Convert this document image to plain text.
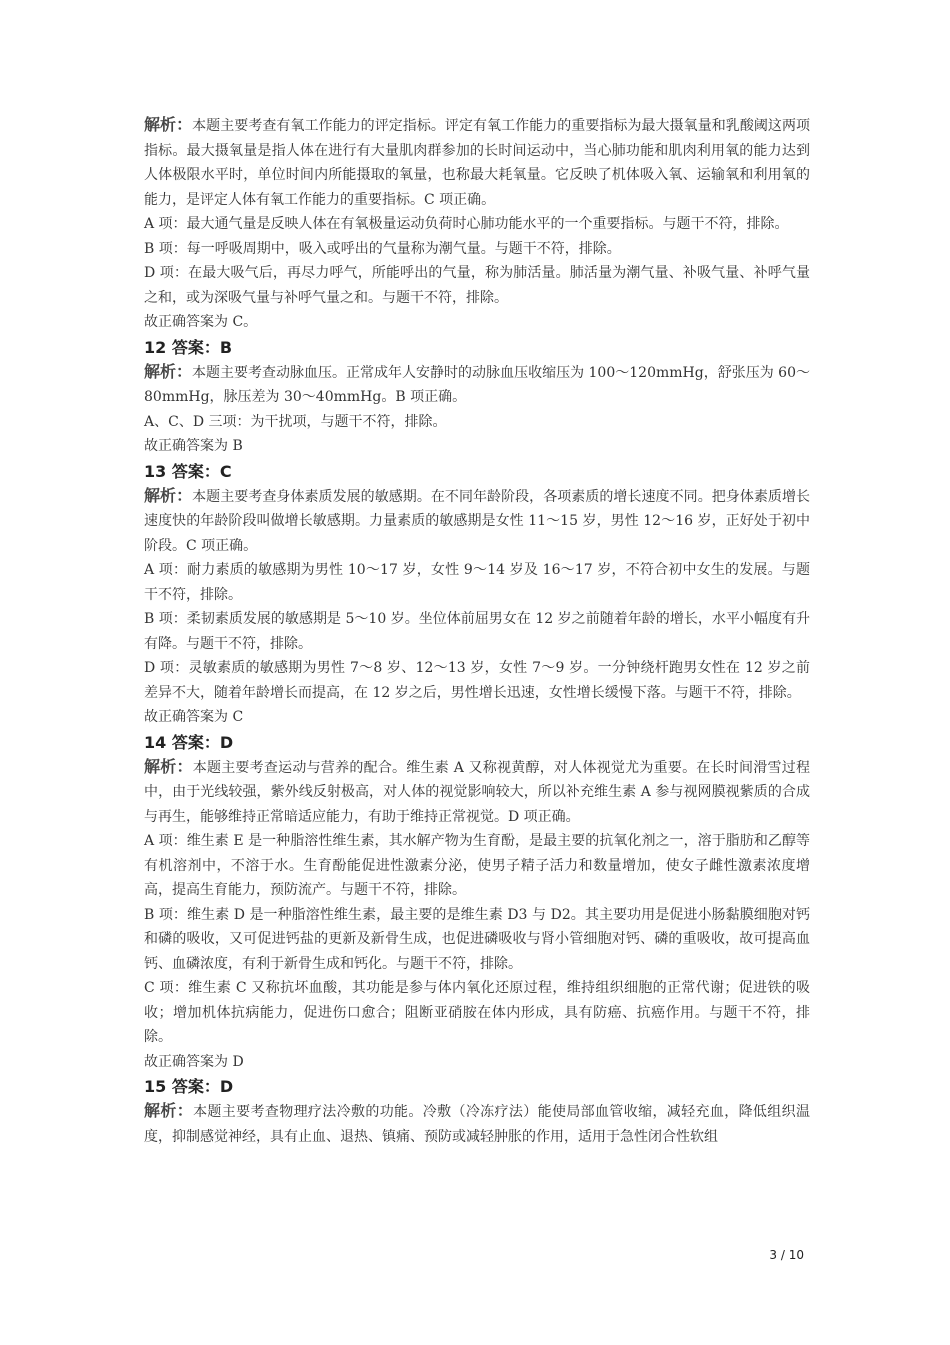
解析：本题主要考查有氧工作能力的评定指标。评定有氧工作能力的重要指标为最大摄氧量和乳酸阈这两项指标。最大摄氧量是指人体在进行有大量肌肉群参加的长时间运动中，当心肺功能和肌肉利用氧的能力达到人体极限水平时，单位时间内所能摄取的氧量，也称最大耗氧量。它反映了机体吸入氧、运输氧和利用氧的能力，是评定人体有氧工作能力的重要指标。C 项正确。

A 项：最大通气量是反映人体在有氧极量运动负荷时心肺功能水平的一个重要指标。与题干不符，排除。

B 项：每一呼吸周期中，吸入或呼出的气量称为潮气量。与题干不符，排除。

D 项：在最大吸气后，再尽力呼气，所能呼出的气量，称为肺活量。肺活量为潮气量、补吸气量、补呼气量之和，或为深吸气量与补呼气量之和。与题干不符，排除。

故正确答案为 C。

12 答案：B

解析：本题主要考查动脉血压。正常成年人安静时的动脉血压收缩压为 100～120mmHg，舒张压为 60～80mmHg，脉压差为 30～40mmHg。B 项正确。

A、C、D 三项：为干扰项，与题干不符，排除。

故正确答案为 B

13 答案：C

解析：本题主要考查身体素质发展的敏感期。在不同年龄阶段，各项素质的增长速度不同。把身体素质增长速度快的年龄阶段叫做增长敏感期。力量素质的敏感期是女性 11～15 岁，男性 12～16 岁，正好处于初中阶段。C 项正确。

A 项：耐力素质的敏感期为男性 10～17 岁，女性 9～14 岁及 16～17 岁，不符合初中女生的发展。与题干不符，排除。

B 项：柔韧素质发展的敏感期是 5～10 岁。坐位体前屈男女在 12 岁之前随着年龄的增长，水平小幅度有升有降。与题干不符，排除。

D 项：灵敏素质的敏感期为男性 7～8 岁、12～13 岁，女性 7～9 岁。一分钟绕杆跑男女性在 12 岁之前差异不大，随着年龄增长而提高，在 12 岁之后，男性增长迅速，女性增长缓慢下落。与题干不符，排除。

故正确答案为 C

14 答案：D

解析：本题主要考查运动与营养的配合。维生素 A 又称视黄醇，对人体视觉尤为重要。在长时间滑雪过程中，由于光线较强，紫外线反射极高，对人体的视觉影响较大，所以补充维生素 A 参与视网膜视紫质的合成与再生，能够维持正常暗适应能力，有助于维持正常视觉。D 项正确。

A 项：维生素 E 是一种脂溶性维生素，其水解产物为生育酚，是最主要的抗氧化剂之一，溶于脂肪和乙醇等有机溶剂中，不溶于水。生育酚能促进性激素分泌，使男子精子活力和数量增加，使女子雌性激素浓度增高，提高生育能力，预防流产。与题干不符，排除。

B 项：维生素 D 是一种脂溶性维生素，最主要的是维生素 D3 与 D2。其主要功用是促进小肠黏膜细胞对钙和磷的吸收，又可促进钙盐的更新及新骨生成，也促进磷吸收与肾小管细胞对钙、磷的重吸收，故可提高血钙、血磷浓度，有利于新骨生成和钙化。与题干不符，排除。

C 项：维生素 C 又称抗坏血酸，其功能是参与体内氧化还原过程，维持组织细胞的正常代谢；促进铁的吸收；增加机体抗病能力，促进伤口愈合；阻断亚硝胺在体内形成，具有防癌、抗癌作用。与题干不符，排除。

故正确答案为 D

15 答案：D

解析：本题主要考查物理疗法冷敷的功能。冷敷（冷冻疗法）能使局部血管收缩，减轻充血，降低组织温度，抑制感觉神经，具有止血、退热、镇痛、预防或减轻肿胀的作用，适用于急性闭合性软组

3 / 10
